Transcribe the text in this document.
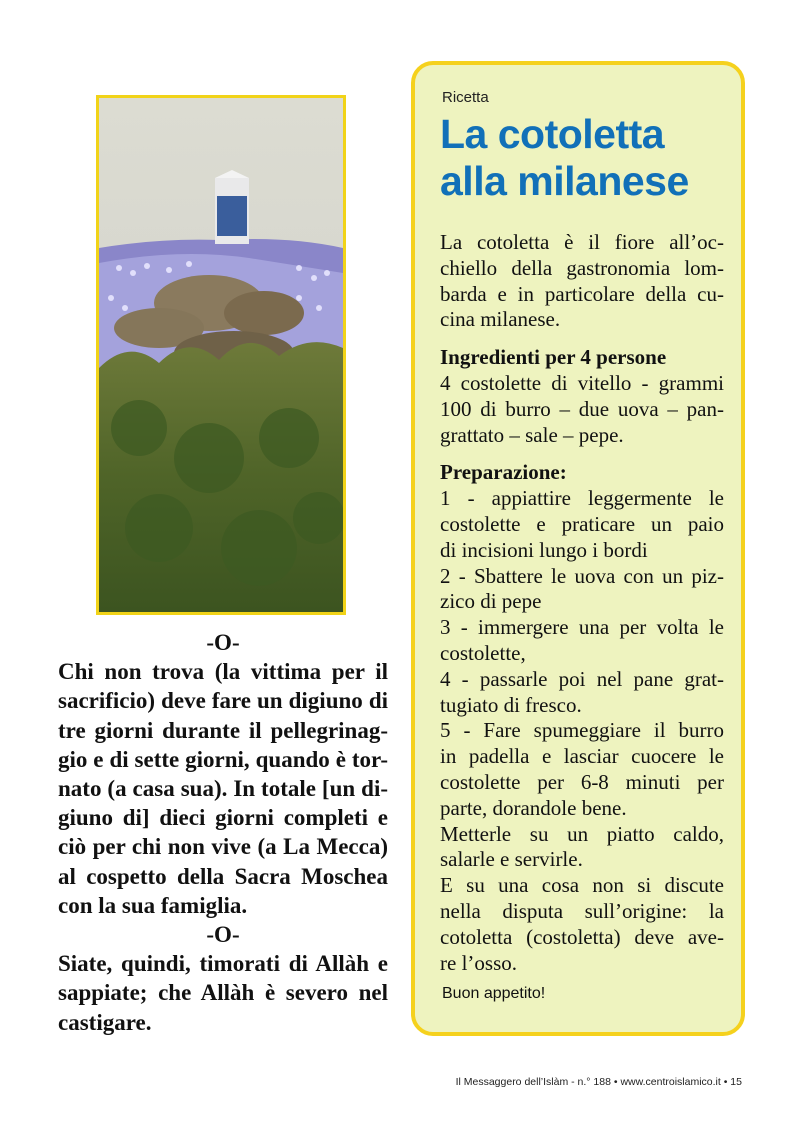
-O-
Chi non trova (la vittima per il
sacrificio) deve fare un digiuno di
tre giorni durante il pellegrinag-
gio e di sette giorni, quando è tor-
nato (a casa sua). In totale [un di-
giuno di] dieci giorni completi e
ciò per chi non vive (a La Mecca)
al cospetto della Sacra Moschea
con la sua famiglia.
-O-
Siate, quindi, timorati di Allàh e
sappiate; che Allàh è severo nel
castigare.
Ricetta
La cotoletta
alla milanese
La cotoletta è il fiore all’oc-
chiello della gastronomia lom-
barda e in particolare della cu-
cina milanese.
Ingredienti per 4 persone
4 costolette di vitello - grammi
100 di burro – due uova – pan-
grattato – sale – pepe.
Preparazione:
1 - appiattire leggermente le
costolette e praticare un paio
di incisioni lungo i bordi
2 - Sbattere le uova con un piz-
zico di pepe
3 - immergere una per volta le
costolette,
4 - passarle poi nel pane grat-
tugiato di fresco.
5 - Fare spumeggiare il burro
in padella e lasciar cuocere le
costolette per 6-8 minuti per
parte, dorandole bene.
Metterle su un piatto caldo,
salarle e servirle.
E su una cosa non si discute
nella disputa sull’origine: la
cotoletta (costoletta) deve ave-
re l’osso.
Buon appetito!
Il Messaggero dell’Islàm - n.° 188 • www.centroislamico.it • 15
